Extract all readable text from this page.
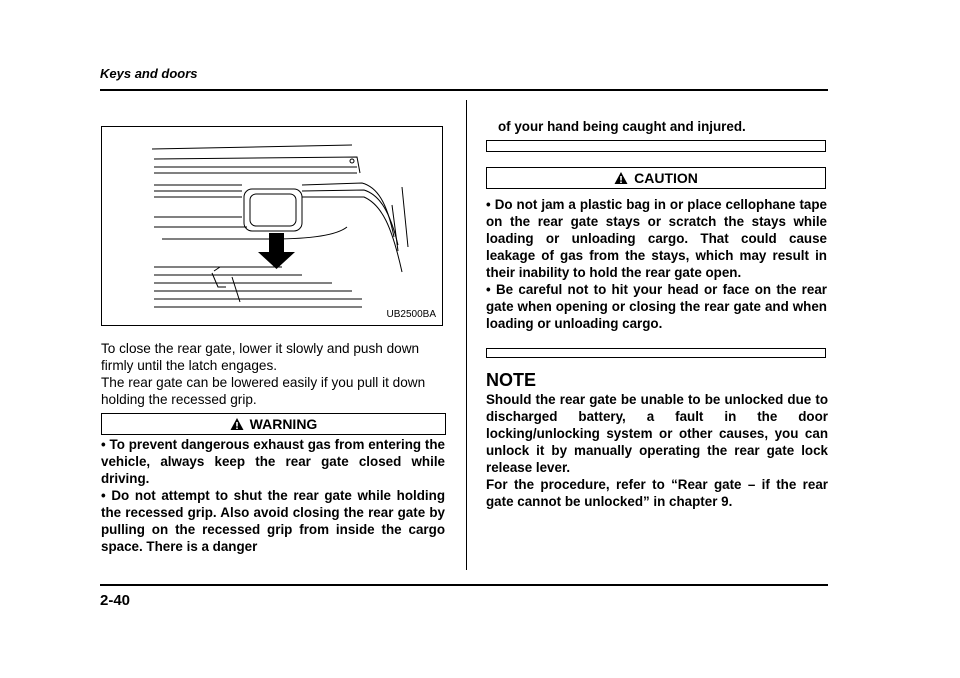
Keys and doors
UB2500BA
To close the rear gate, lower it slowly and push down firmly until the latch engages.
The rear gate can be lowered easily if you pull it down holding the recessed grip.
WARNING

• To prevent dangerous exhaust gas from entering the vehicle, always keep the rear gate closed while driving.

• Do not attempt to shut the rear gate while holding the recessed grip. Also avoid closing the rear gate by pulling on the recessed grip from inside the cargo space. There is a danger

of your hand being caught and injured.
CAUTION

• Do not jam a plastic bag in or place cellophane tape on the rear gate stays or scratch the stays while loading or unloading cargo. That could cause leakage of gas from the stays, which may result in their inability to hold the rear gate open.

• Be careful not to hit your head or face on the rear gate when opening or closing the rear gate and when loading or unloading cargo.

NOTE

Should the rear gate be unable to be unlocked due to discharged battery, a fault in the door locking/unlocking system or other causes, you can unlock it by manually operating the rear gate lock release lever.

For the procedure, refer to “Rear gate – if the rear gate cannot be unlocked” in chapter 9.

2-40
